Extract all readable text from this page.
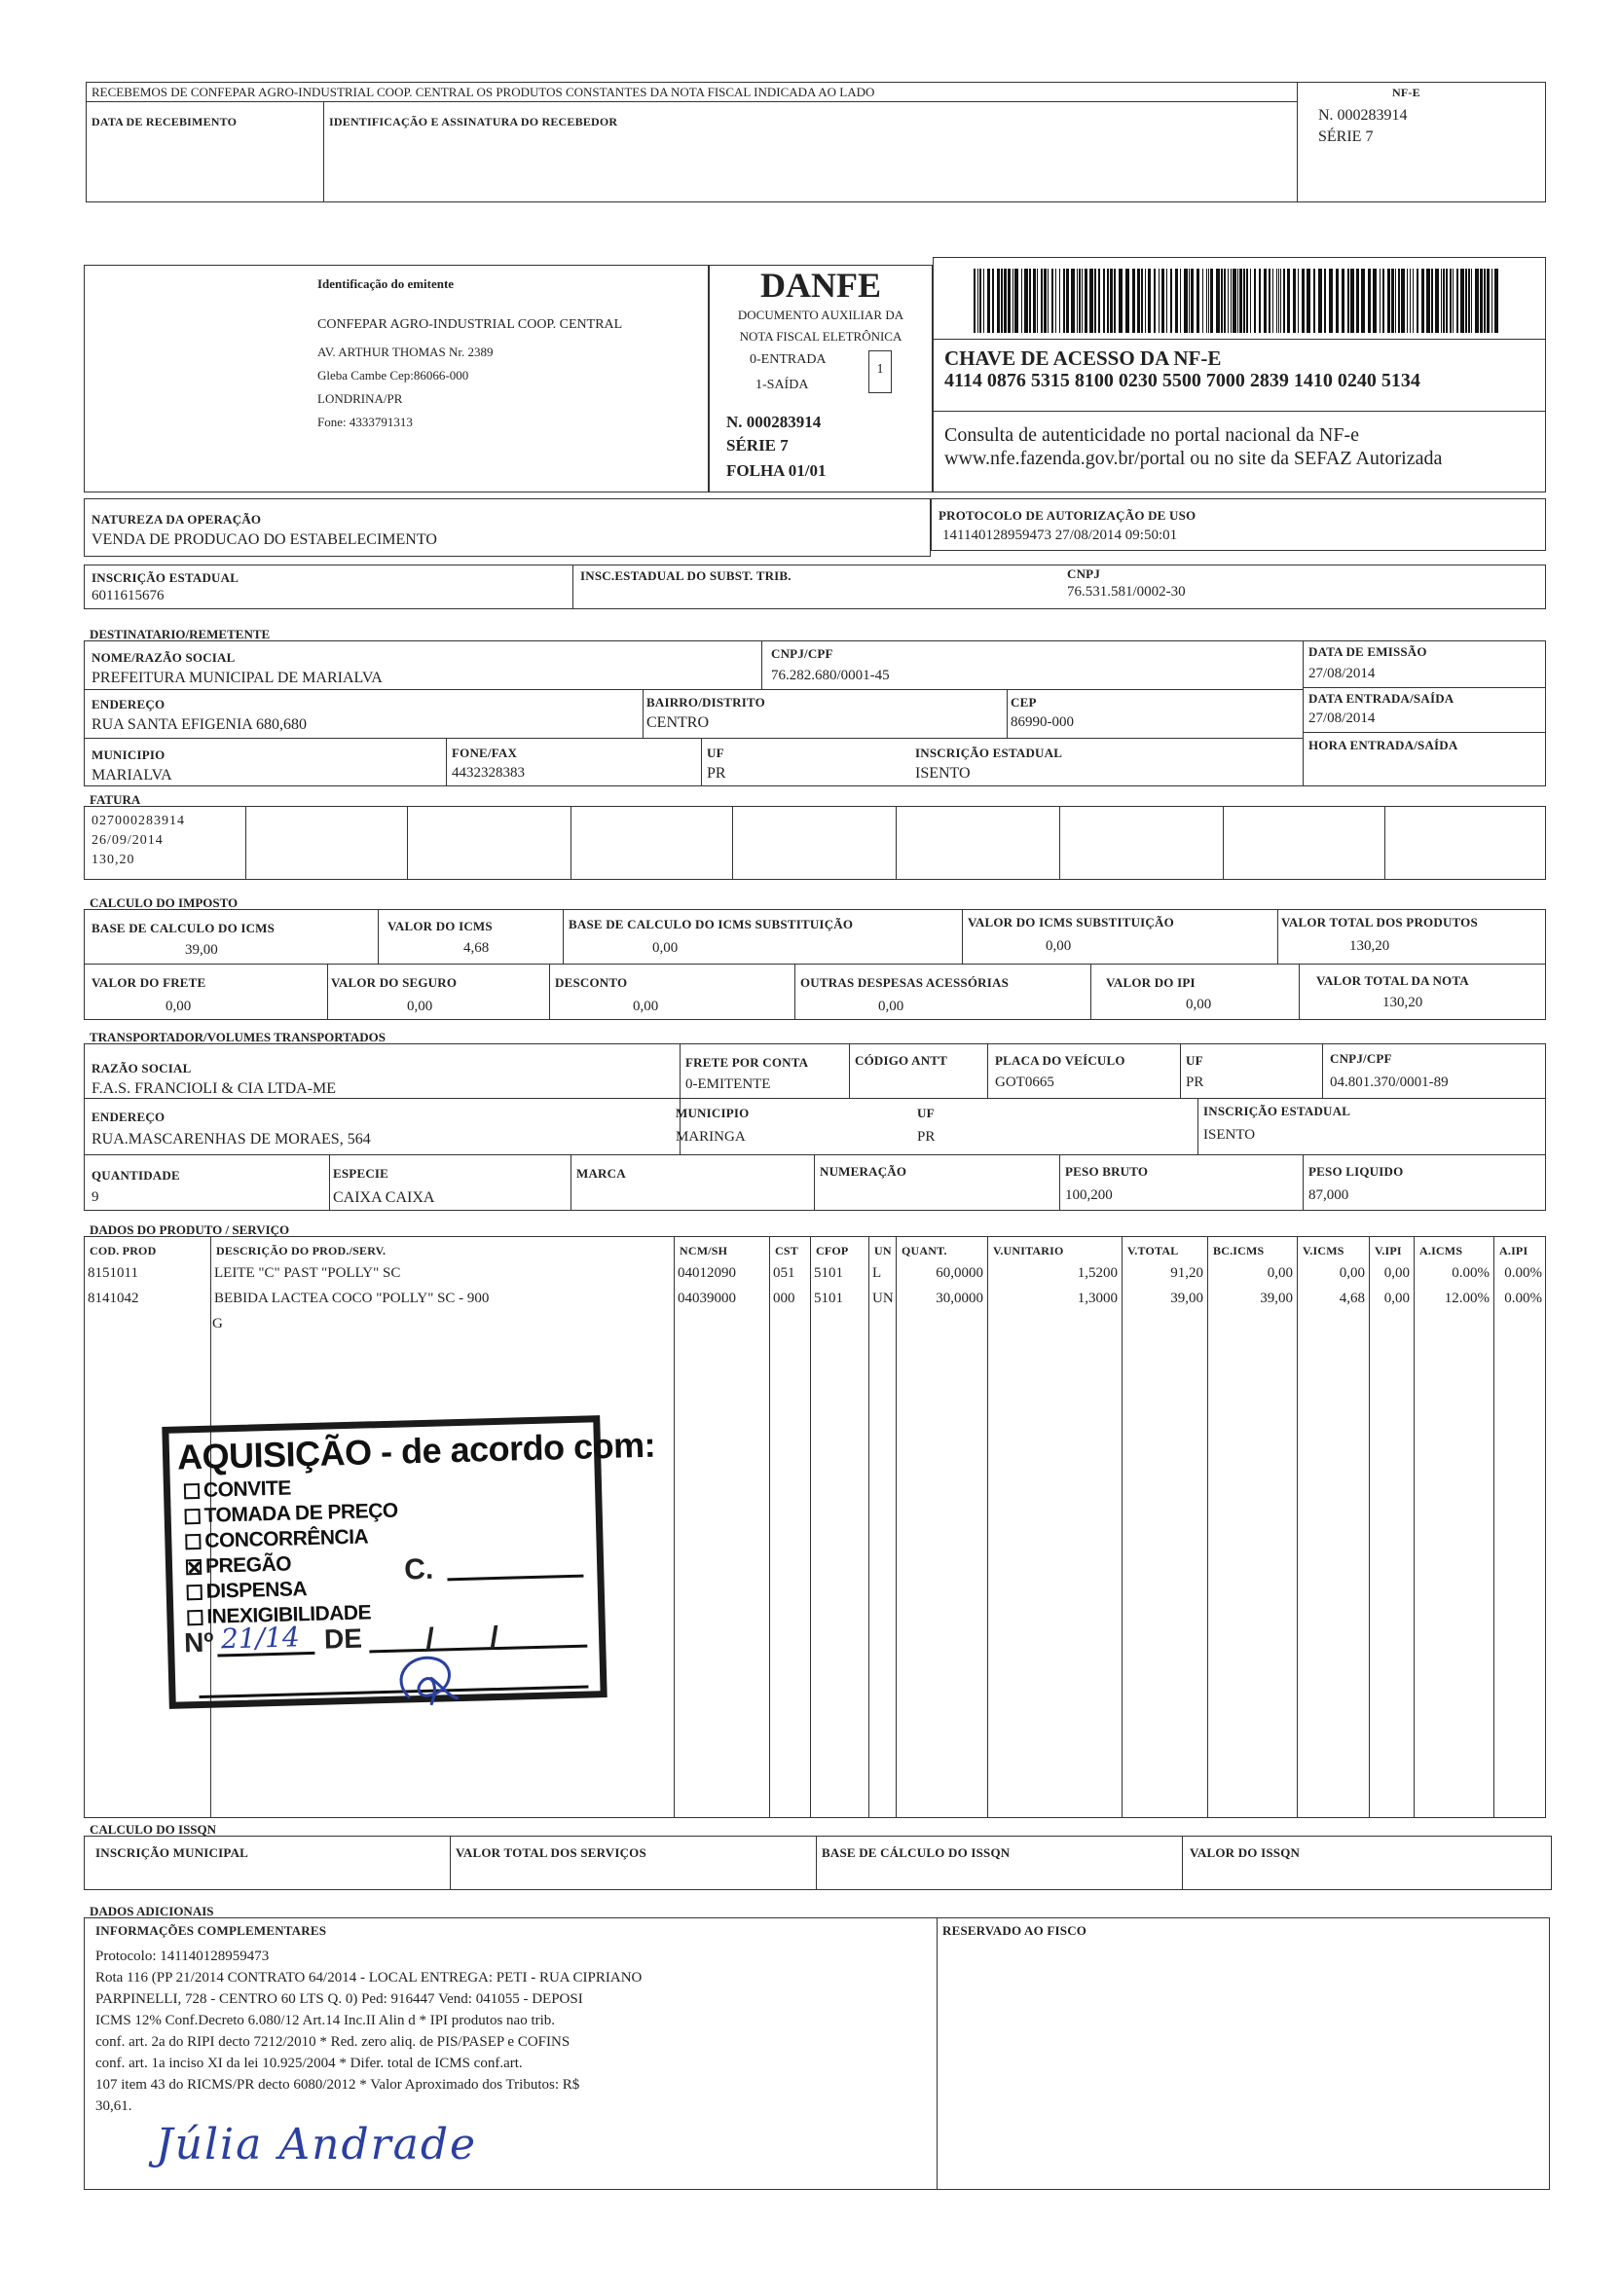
RECEBEMOS DE CONFEPAR AGRO-INDUSTRIAL COOP. CENTRAL OS PRODUTOS CONSTANTES DA NOTA FISCAL INDICADA AO LADO
DATA DE RECEBIMENTO	IDENTIFICAÇÃO E ASSINATURA DO RECEBEDOR
NF-E
N. 000283914
SÉRIE 7
Identificação do emitente
CONFEPAR AGRO-INDUSTRIAL COOP. CENTRAL
AV. ARTHUR THOMAS Nr. 2389
Gleba Cambe Cep:86066-000
LONDRINA/PR
Fone: 4333791313
DANFE
DOCUMENTO AUXILIAR DA
NOTA FISCAL ELETRÔNICA
0-ENTRADA
1-SAÍDA
1
N. 000283914
SÉRIE 7
FOLHA 01/01
CHAVE DE ACESSO DA NF-E
4114 0876 5315 8100 0230 5500 7000 2839 1410 0240 5134
Consulta de autenticidade no portal nacional da NF-e
www.nfe.fazenda.gov.br/portal ou no site da SEFAZ Autorizada
NATUREZA DA OPERAÇÃO
VENDA DE PRODUCAO DO ESTABELECIMENTO
PROTOCOLO DE AUTORIZAÇÃO DE USO
141140128959473 27/08/2014 09:50:01
INSCRIÇÃO ESTADUAL
6011615676
INSC.ESTADUAL DO SUBST. TRIB.	CNPJ
76.531.581/0002-30
DESTINATARIO/REMETENTE
NOME/RAZÃO SOCIAL
PREFEITURA MUNICIPAL DE MARIALVA
CNPJ/CPF
76.282.680/0001-45
DATA DE EMISSÃO
27/08/2014
ENDEREÇO
RUA SANTA EFIGENIA 680,680
BAIRRO/DISTRITO
CENTRO
CEP
86990-000
DATA ENTRADA/SAÍDA
27/08/2014
MUNICIPIO
MARIALVA
FONE/FAX
4432328383
UF
PR
INSCRIÇÃO ESTADUAL
ISENTO
HORA ENTRADA/SAÍDA
FATURA
027000283914
26/09/2014
130,20
CALCULO DO IMPOSTO
BASE DE CALCULO DO ICMS
39,00
VALOR DO ICMS
4,68
BASE DE CALCULO DO ICMS SUBSTITUIÇÃO
0,00
VALOR DO ICMS SUBSTITUIÇÃO
0,00
VALOR TOTAL DOS PRODUTOS
130,20
VALOR DO FRETE
0,00
VALOR DO SEGURO
0,00
DESCONTO
0,00
OUTRAS DESPESAS ACESSÓRIAS
0,00
VALOR DO IPI
0,00
VALOR TOTAL DA NOTA
130,20
TRANSPORTADOR/VOLUMES TRANSPORTADOS
RAZÃO SOCIAL
F.A.S. FRANCIOLI & CIA LTDA-ME
FRETE POR CONTA
0-EMITENTE
CÓDIGO ANTT	PLACA DO VEÍCULO
GOT0665
UF
PR
CNPJ/CPF
04.801.370/0001-89
ENDEREÇO
RUA.MASCARENHAS DE MORAES, 564
MUNICIPIO
MARINGA
UF
PR
INSCRIÇÃO ESTADUAL
ISENTO
QUANTIDADE
9
ESPECIE
CAIXA CAIXA
MARCA	NUMERAÇÃO	PESO BRUTO
100,200
PESO LIQUIDO
87,000
DADOS DO PRODUTO / SERVIÇO
COD. PROD	DESCRIÇÃO DO PROD./SERV.	NCM/SH	CST CFOP UN QUANT.	V.UNITARIO	V.TOTAL	BC.ICMS	V.ICMS	V.IPI A.ICMS	A.IPI
8151011	LEITE "C" PAST "POLLY" SC	04012090	051 5101 L	60,0000	1,5200	91,20	0,00	0,00	0,00	0.00%	0.00%
8141042	BEBIDA LACTEA COCO "POLLY" SC - 900	04039000	000 5101 UN	30,0000	1,3000	39,00	39,00	4,68	0,00	12.00%	0.00%
G
AQUISIÇÃO - de acordo com:
CONVITE
TOMADA DE PREÇO
CONCORRÊNCIA
PREGÃO
DISPENSA
INEXIGIBILIDADE
C.
Nº 21/14 DE / /
CALCULO DO ISSQN
INSCRIÇÃO MUNICIPAL	VALOR TOTAL DOS SERVIÇOS	BASE DE CÁLCULO DO ISSQN	VALOR DO ISSQN
DADOS ADICIONAIS
INFORMAÇÕES COMPLEMENTARES	RESERVADO AO FISCO
Protocolo: 141140128959473
Rota 116 (PP 21/2014 CONTRATO 64/2014 - LOCAL ENTREGA: PETI - RUA CIPRIANO
PARPINELLI, 728 - CENTRO 60 LTS Q. 0) Ped: 916447 Vend: 041055 - DEPOSI
ICMS 12% Conf.Decreto 6.080/12 Art.14 Inc.II Alin d * IPI produtos nao trib.
conf. art. 2a do RIPI decto 7212/2010 * Red. zero aliq. de PIS/PASEP e COFINS
conf. art. 1a inciso XI da lei 10.925/2004 * Difer. total de ICMS conf.art.
107 item 43 do RICMS/PR decto 6080/2012 * Valor Aproximado dos Tributos: R$
30,61.
Júlia Andrade
